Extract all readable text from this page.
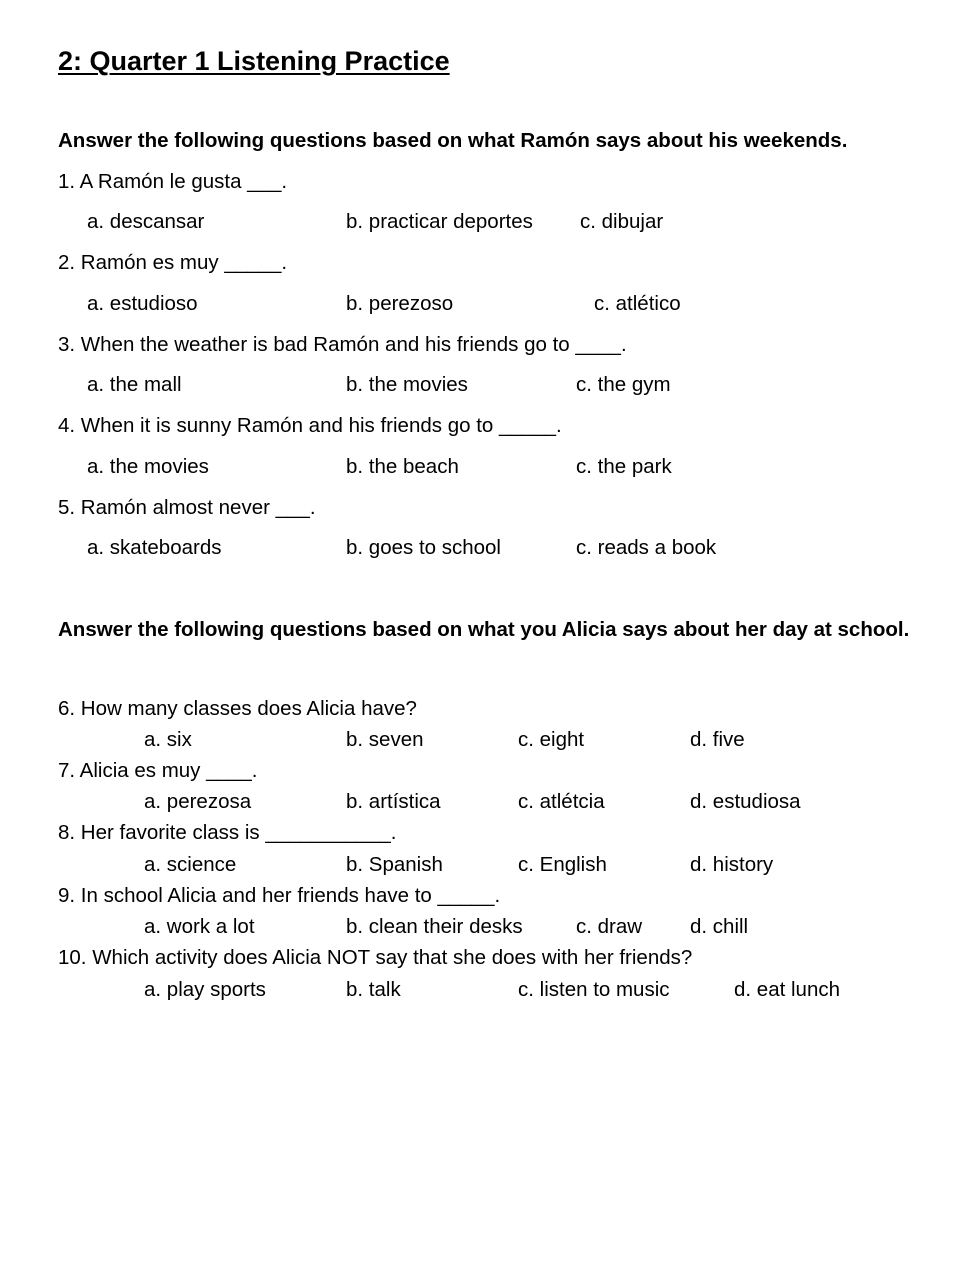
2: Quarter 1 Listening Practice

Answer the following questions based on what Ramón says about his weekends.

1. A Ramón le gusta ___.

a. descansar	b. practicar deportes c. dibujar

2. Ramón es muy _____.

a. estudioso	b. perezoso	c. atlético

3. When the weather is bad Ramón and his friends go to ____.

a. the mall	b. the movies	c. the gym

4. When it is sunny Ramón and his friends go to _____.

a. the movies	b. the beach	c. the park

5. Ramón almost never ___.

a. skateboards	b. goes to school	c. reads a book

Answer the following questions based on what you Alicia says about her day at school.

6. How many classes does Alicia have?

a. six	b. seven	c. eight	d. five

7. Alicia es muy ____.

a. perezosa	b. artística	c. atlétcia	d. estudiosa

8. Her favorite class is ___________.

a. science	b. Spanish	c. English	d. history

9. In school Alicia and her friends have to _____.

a. work a lot	b. clean their desks	c. draw d. chill

10. Which activity does Alicia NOT say that she does with her friends?

a. play sports	b. talk	c. listen to music	d. eat lunch
